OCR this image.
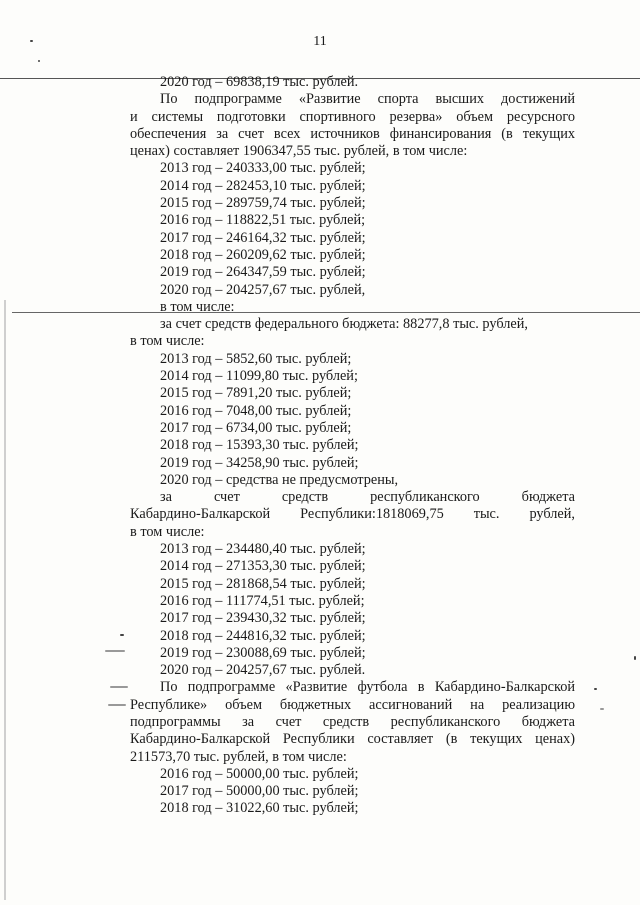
11
2020 год – 69838,19 тыс. рублей.
По подпрограмме «Развитие спорта высших достижений
и системы подготовки спортивного резерва» объем ресурсного
обеспечения за счет всех источников финансирования (в текущих
ценах) составляет 1906347,55 тыс. рублей, в том числе:
2013 год – 240333,00 тыс. рублей;
2014 год – 282453,10 тыс. рублей;
2015 год – 289759,74 тыс. рублей;
2016 год – 118822,51 тыс. рублей;
2017 год – 246164,32 тыс. рублей;
2018 год – 260209,62 тыс. рублей;
2019 год – 264347,59 тыс. рублей;
2020 год – 204257,67 тыс. рублей,
в том числе:
за счет средств федерального бюджета: 88277,8 тыс. рублей,
в том числе:
2013 год – 5852,60 тыс. рублей;
2014 год – 11099,80 тыс. рублей;
2015 год – 7891,20 тыс. рублей;
2016 год – 7048,00 тыс. рублей;
2017 год – 6734,00 тыс. рублей;
2018 год – 15393,30 тыс. рублей;
2019 год – 34258,90 тыс. рублей;
2020 год – средства не предусмотрены,
за счет средств республиканского бюджета
Кабардино-Балкарской Республики:1818069,75 тыс. рублей,
в том числе:
2013 год – 234480,40 тыс. рублей;
2014 год – 271353,30 тыс. рублей;
2015 год – 281868,54 тыс. рублей;
2016 год – 111774,51 тыс. рублей;
2017 год – 239430,32 тыс. рублей;
2018 год – 244816,32 тыс. рублей;
2019 год – 230088,69 тыс. рублей;
2020 год – 204257,67 тыс. рублей.
По подпрограмме «Развитие футбола в Кабардино-Балкарской
Республике» объем бюджетных ассигнований на реализацию
подпрограммы за счет средств республиканского бюджета
Кабардино-Балкарской Республики составляет (в текущих ценах)
211573,70 тыс. рублей, в том числе:
2016 год – 50000,00 тыс. рублей;
2017 год – 50000,00 тыс. рублей;
2018 год – 31022,60 тыс. рублей;
